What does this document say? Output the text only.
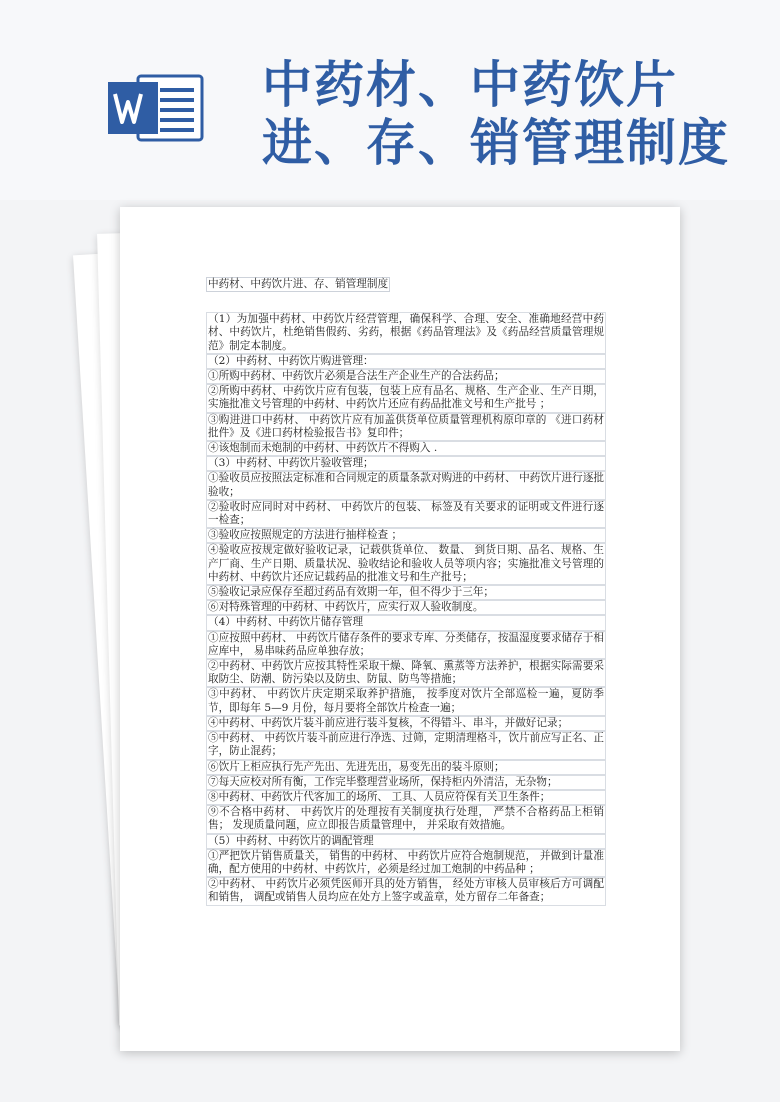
中药材、中药饮片
进、存、销管理制度

中药材、中药饮片进、存、销管理制度

（1）为加强中药材、中药饮片经营管理，确保科学、合理、安全、准确地经营中药材、中药饮片，杜绝销售假药、劣药，根据《药品管理法》及《药品经营质量管理规范》制定本制度。

（2）中药材、中药饮片购进管理：

①所购中药材、中药饮片必须是合法生产企业生产的合法药品；

②所购中药材、中药饮片应有包装，包装上应有品名、规格、生产企业、生产日期，实施批准文号管理的中药材、中药饮片还应有药品批准文号和生产批号 ；

③购进进口中药材、 中药饮片应有加盖供货单位质量管理机构原印章的 《进口药材批件》及《进口药材检验报告书》复印件；

④该炮制而未炮制的中药材、中药饮片不得购入 .

（3）中药材、中药饮片验收管理；

①验收员应按照法定标准和合同规定的质量条款对购进的中药材、 中药饮片进行逐批验收；

②验收时应同时对中药材、 中药饮片的包装、 标签及有关要求的证明或文件进行逐一检查；

③验收应按照规定的方法进行抽样检查 ；

④验收应按规定做好验收记录，记载供货单位、 数量、 到货日期、品名、规格、生产厂商、生产日期、质量状况、验收结论和验收人员等项内容；实施批准文号管理的中药材、中药饮片还应记载药品的批准文号和生产批号；

⑤验收记录应保存至超过药品有效期一年，但不得少于三年；

⑥对特殊管理的中药材、中药饮片，应实行双人验收制度。

（4）中药材、中药饮片储存管理

①应按照中药材、 中药饮片储存条件的要求专库、分类储存，按温湿度要求储存于相应库中， 易串味药品应单独存放；

②中药材、中药饮片应按其特性采取干燥、降氧、熏蒸等方法养护，根据实际需要采取防尘、防潮、防污染以及防虫、防鼠、防鸟等措施；

③中药材、 中药饮片庆定期采取养护措施， 按季度对饮片全部巡检一遍，夏防季节，即每年 5—9 月份，每月要将全部饮片检查一遍；

④中药材、中药饮片装斗前应进行装斗复核，不得错斗、串斗，并做好记录；

⑤中药材、 中药饮片装斗前应进行净选、过筛，定期清理格斗，饮片前应写正名、正字，防止混药；

⑥饮片上柜应执行先产先出、先进先出，易变先出的装斗原则；

⑦每天应校对所有衡，工作完毕整理营业场所，保持柜内外清洁，无杂物；

⑧中药材、中药饮片代客加工的场所、 工具、人员应符保有关卫生条件；

⑨不合格中药材、 中药饮片的处理按有关制度执行处理， 严禁不合格药品上柜销售； 发现质量问题，应立即报告质量管理中， 并采取有效措施。

（5）中药材、中药饮片的调配管理

①严把饮片销售质量关， 销售的中药材、 中药饮片应符合炮制规范， 并做到计量准确，配方使用的中药材、中药饮片，必须是经过加工炮制的中药品种 ；

②中药材、 中药饮片必须凭医师开具的处方销售， 经处方审核人员审核后方可调配和销售， 调配或销售人员均应在处方上签字或盖章，处方留存二年备查；
